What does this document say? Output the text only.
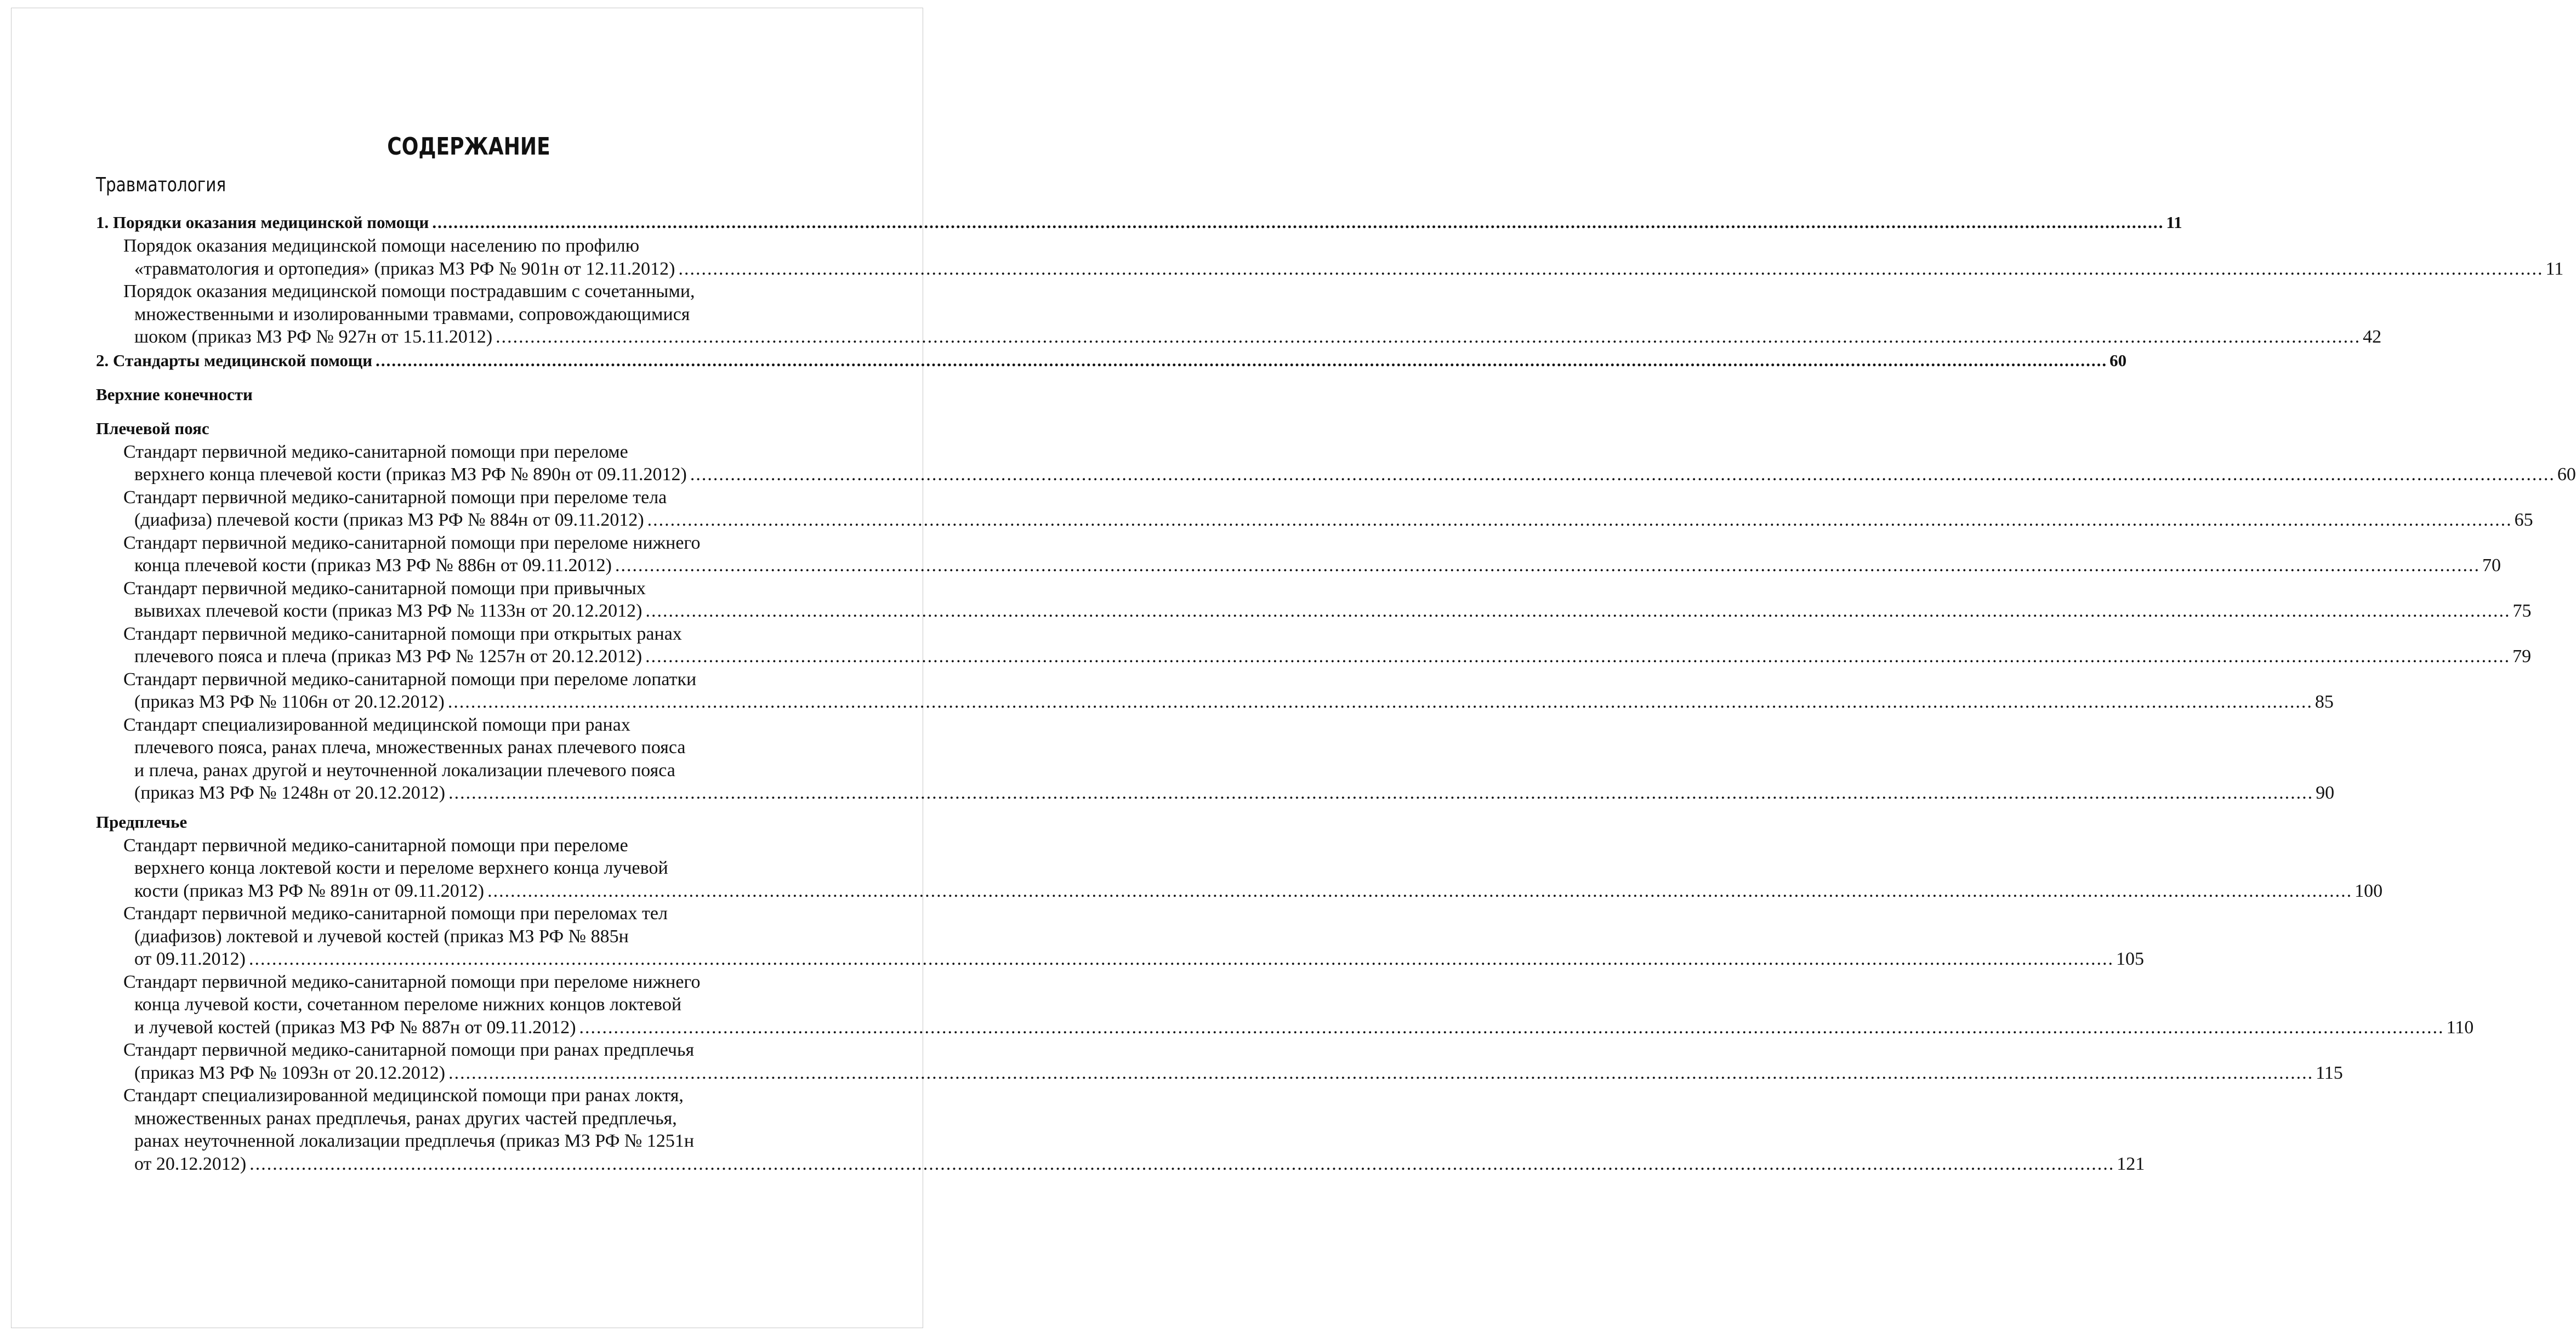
СОДЕРЖАНИЕ
Травматология
1. Порядки оказания медицинской помощи .....	11
Порядок оказания медицинской помощи населению по профилю
«травматология и ортопедия» (приказ МЗ РФ № 901н от 12.11.2012) .....	11
Порядок оказания медицинской помощи пострадавшим с сочетанными,
множественными и изолированными травмами, сопровождающимися
шоком (приказ МЗ РФ № 927н от 15.11.2012) .....	42
2. Стандарты медицинской помощи .....	60
Верхние конечности
Плечевой пояс
Стандарт первичной медико-санитарной помощи при переломе
верхнего конца плечевой кости (приказ МЗ РФ № 890н от 09.11.2012) .....	60
Стандарт первичной медико-санитарной помощи при переломе тела
(диафиза) плечевой кости (приказ МЗ РФ № 884н от 09.11.2012) .....	65
Стандарт первичной медико-санитарной помощи при переломе нижнего
конца плечевой кости (приказ МЗ РФ № 886н от 09.11.2012) .....	70
Стандарт первичной медико-санитарной помощи при привычных
вывихах плечевой кости (приказ МЗ РФ № 1133н от 20.12.2012) .....	75
Стандарт первичной медико-санитарной помощи при открытых ранах
плечевого пояса и плеча (приказ МЗ РФ № 1257н от 20.12.2012) .....	79
Стандарт первичной медико-санитарной помощи при переломе лопатки
(приказ МЗ РФ № 1106н от 20.12.2012) .....	85
Стандарт специализированной медицинской помощи при ранах
плечевого пояса, ранах плеча, множественных ранах плечевого пояса
и плеча, ранах другой и неуточненной локализации плечевого пояса
(приказ МЗ РФ № 1248н от 20.12.2012) .....	90
Предплечье
Стандарт первичной медико-санитарной помощи при переломе
верхнего конца локтевой кости и переломе верхнего конца лучевой
кости (приказ МЗ РФ № 891н от 09.11.2012) .....	100
Стандарт первичной медико-санитарной помощи при переломах тел
(диафизов) локтевой и лучевой костей (приказ МЗ РФ № 885н
от 09.11.2012) .....	105
Стандарт первичной медико-санитарной помощи при переломе нижнего
конца лучевой кости, сочетанном переломе нижних концов локтевой
и лучевой костей (приказ МЗ РФ № 887н от 09.11.2012) .....	110
Стандарт первичной медико-санитарной помощи при ранах предплечья
(приказ МЗ РФ № 1093н от 20.12.2012) .....	115
Стандарт специализированной медицинской помощи при ранах локтя,
множественных ранах предплечья, ранах других частей предплечья,
ранах неуточненной локализации предплечья (приказ МЗ РФ № 1251н
от 20.12.2012) .....	121
